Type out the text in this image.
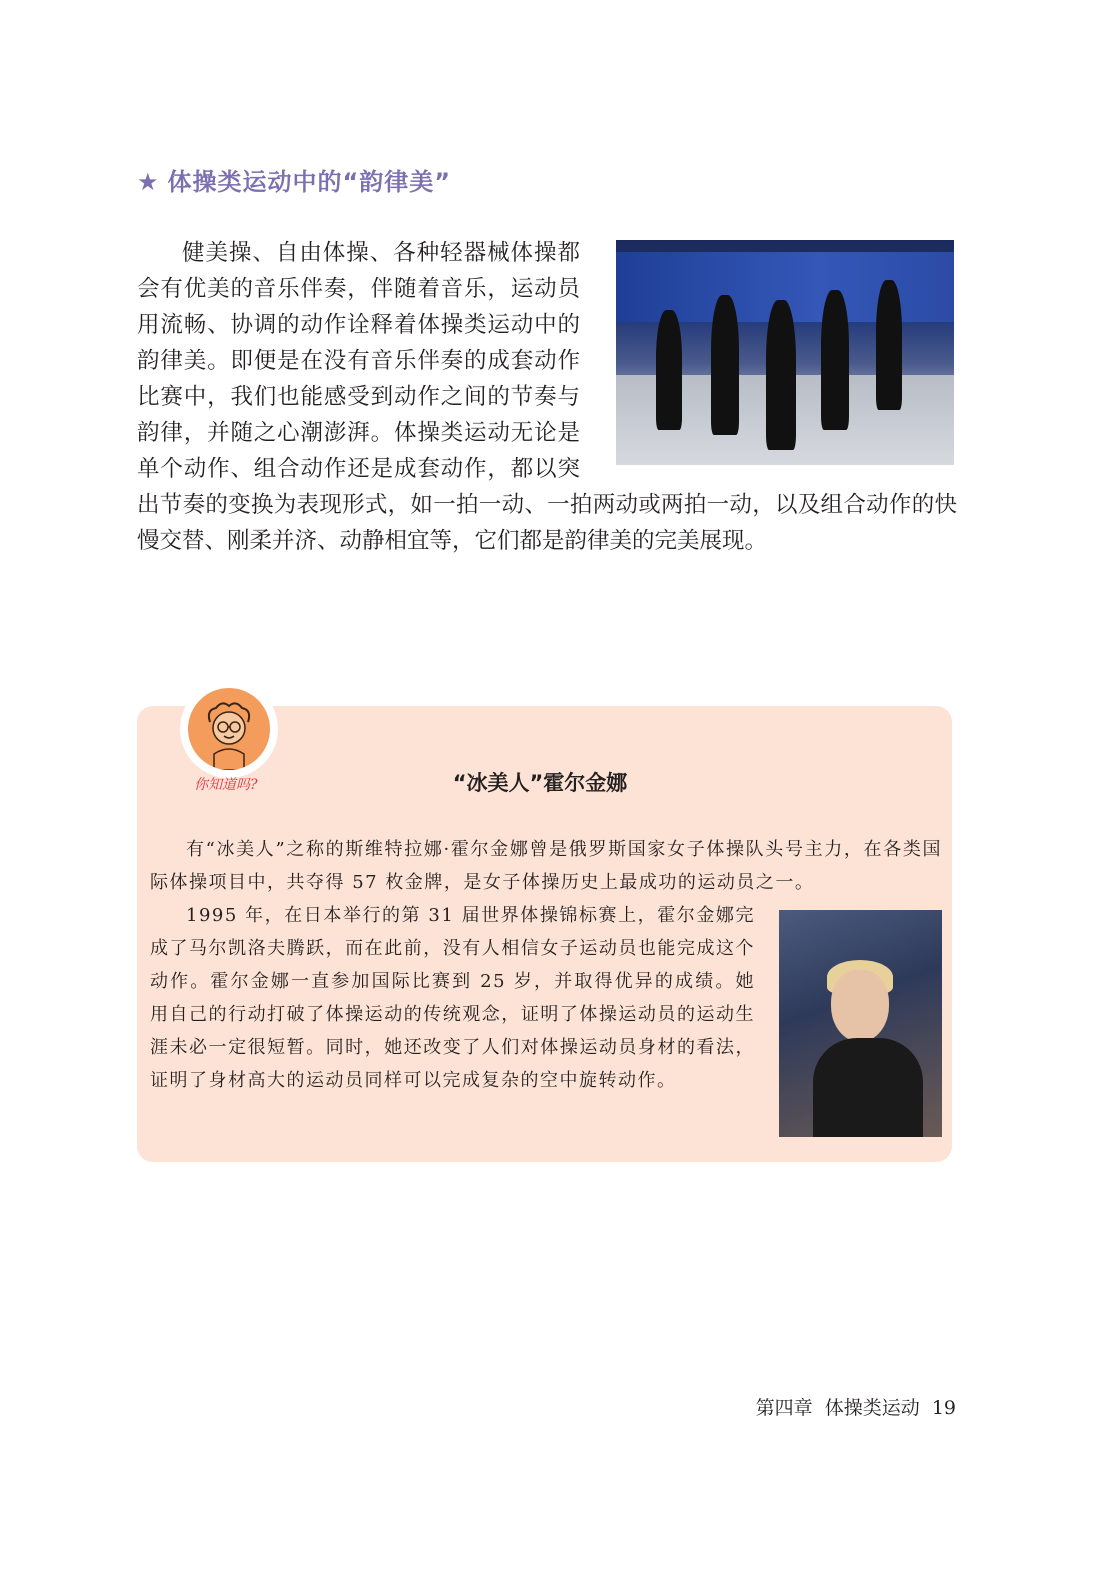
★ 体操类运动中的“韵律美”

健美操、自由体操、各种轻器械体操都会有优美的音乐伴奏，伴随着音乐，运动员用流畅、协调的动作诠释着体操类运动中的韵律美。即便是在没有音乐伴奏的成套动作比赛中，我们也能感受到动作之间的节奏与韵律，并随之心潮澎湃。体操类运动无论是单个动作、组合动作还是成套动作，都以突出节奏的变换为表现形式，如一拍一动、一拍两动或两拍一动，以及组合动作的快慢交替、刚柔并济、动静相宜等，它们都是韵律美的完美展现。

你知道吗?	“冰美人”霍尔金娜

有“冰美人”之称的斯维特拉娜·霍尔金娜曾是俄罗斯国家女子体操队头号主力，在各类国际体操项目中，共夺得 57 枚金牌，是女子体操历史上最成功的运动员之一。

1995 年，在日本举行的第 31 届世界体操锦标赛上，霍尔金娜完成了马尔凯洛夫腾跃，而在此前，没有人相信女子运动员也能完成这个动作。霍尔金娜一直参加国际比赛到 25 岁，并取得优异的成绩。她用自己的行动打破了体操运动的传统观念，证明了体操运动员的运动生涯未必一定很短暂。同时，她还改变了人们对体操运动员身材的看法，证明了身材高大的运动员同样可以完成复杂的空中旋转动作。

第四章 体操类运动 19
